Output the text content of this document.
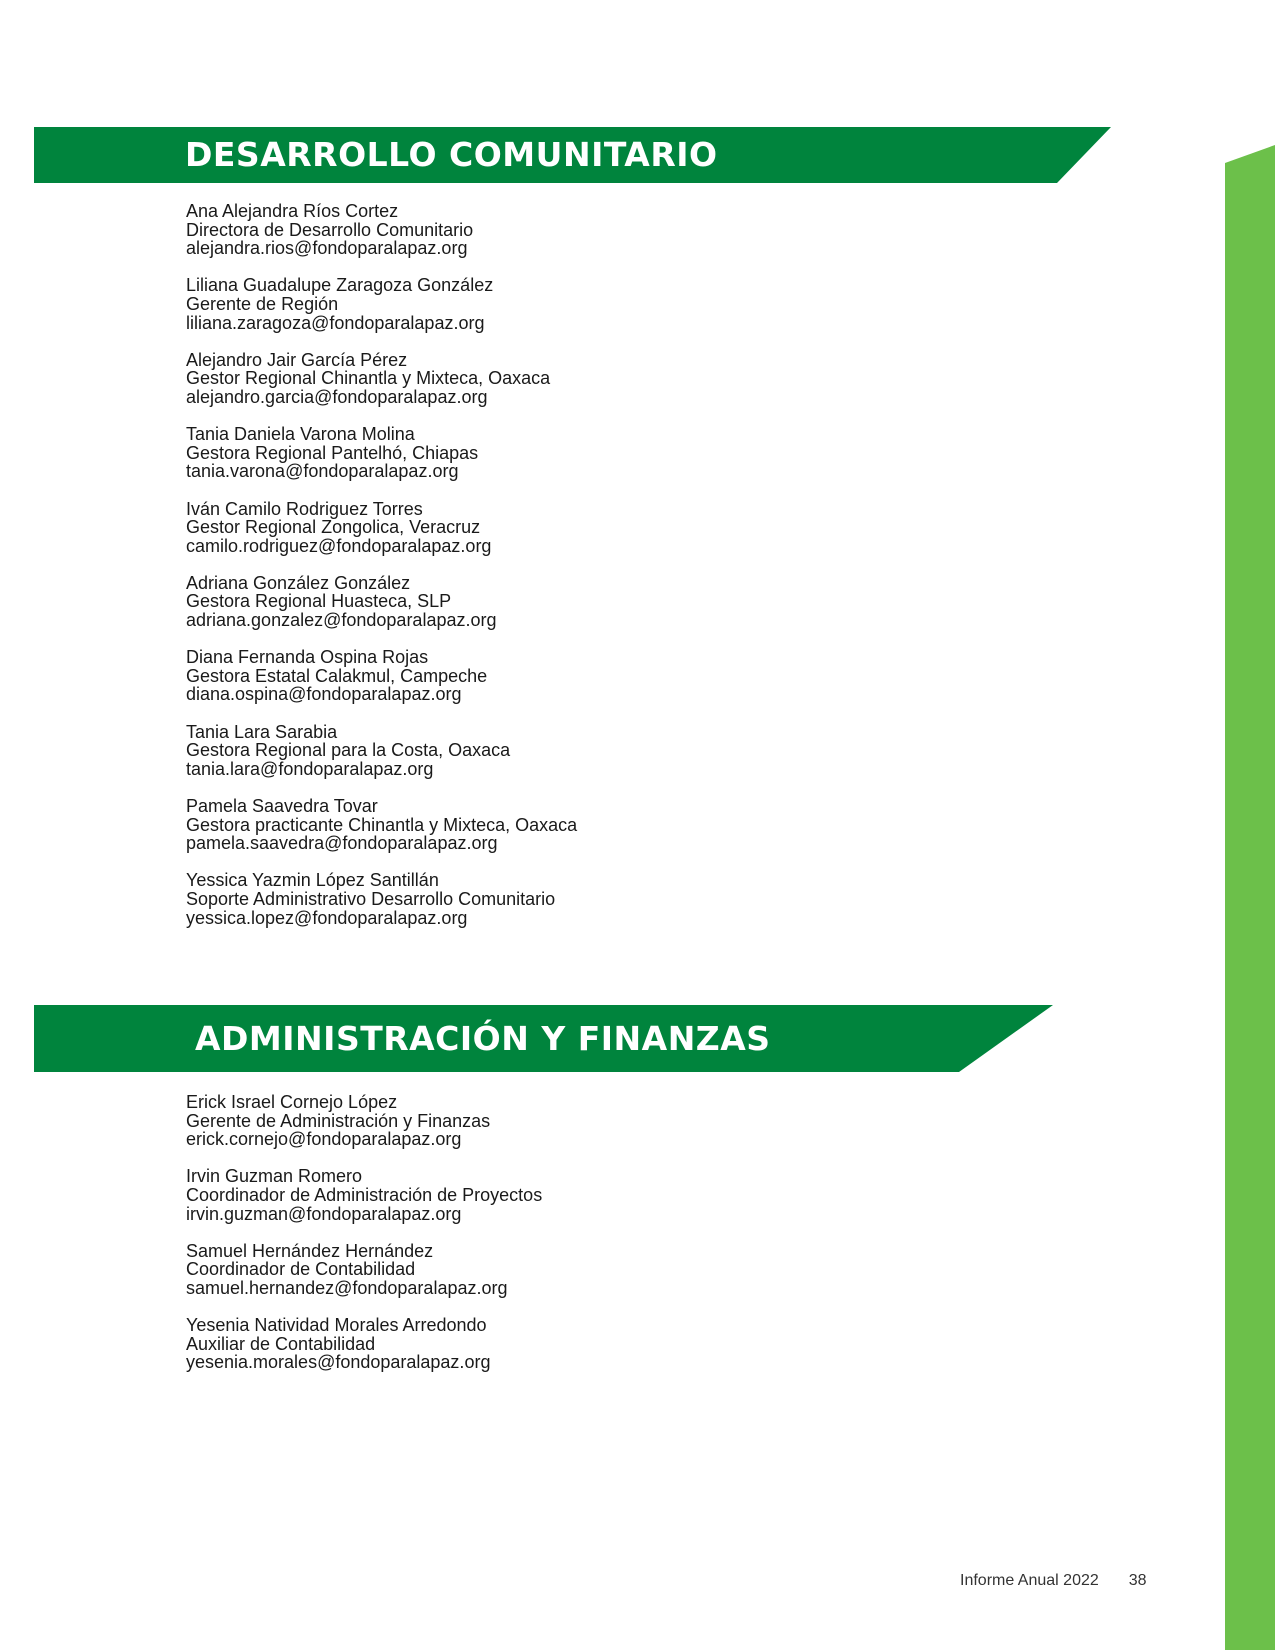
DESARROLLO COMUNITARIO
Ana Alejandra Ríos Cortez
Directora de Desarrollo Comunitario
alejandra.rios@fondoparalapaz.org
Liliana Guadalupe Zaragoza González
Gerente de Región
liliana.zaragoza@fondoparalapaz.org
Alejandro Jair García Pérez
Gestor Regional Chinantla y Mixteca, Oaxaca
alejandro.garcia@fondoparalapaz.org
Tania Daniela Varona Molina
Gestora Regional Pantelhó, Chiapas
tania.varona@fondoparalapaz.org
Iván Camilo Rodriguez Torres
Gestor Regional Zongolica, Veracruz
camilo.rodriguez@fondoparalapaz.org
Adriana González González
Gestora Regional Huasteca, SLP
adriana.gonzalez@fondoparalapaz.org
Diana Fernanda Ospina Rojas
Gestora Estatal Calakmul, Campeche
diana.ospina@fondoparalapaz.org
Tania Lara Sarabia
Gestora Regional para la Costa, Oaxaca
tania.lara@fondoparalapaz.org
Pamela Saavedra Tovar
Gestora practicante Chinantla y Mixteca, Oaxaca
pamela.saavedra@fondoparalapaz.org
Yessica Yazmin López Santillán
Soporte Administrativo Desarrollo Comunitario
yessica.lopez@fondoparalapaz.org
ADMINISTRACIÓN Y FINANZAS
Erick Israel Cornejo López
Gerente de Administración y Finanzas
erick.cornejo@fondoparalapaz.org
Irvin Guzman Romero
Coordinador de Administración de Proyectos
irvin.guzman@fondoparalapaz.org
Samuel Hernández Hernández
Coordinador de Contabilidad
samuel.hernandez@fondoparalapaz.org
Yesenia Natividad Morales Arredondo
Auxiliar de Contabilidad
yesenia.morales@fondoparalapaz.org
Informe Anual 2022 38
